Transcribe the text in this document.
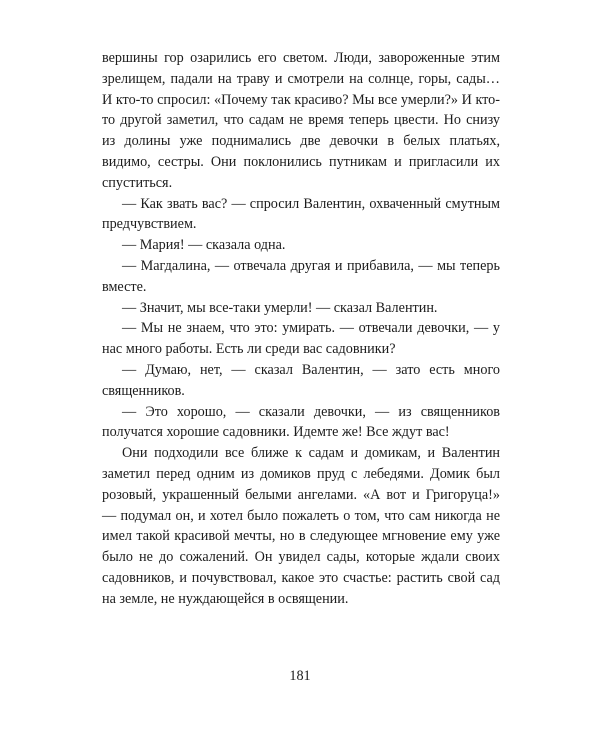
вершины гор озарились его светом. Люди, завороженные этим зрелищем, падали на траву и смотрели на солнце, горы, сады… И кто-то спросил: «Почему так красиво? Мы все умерли?» И кто-то другой заметил, что садам не время теперь цвести. Но снизу из долины уже поднимались две девочки в белых платьях, видимо, сестры. Они поклонились путникам и пригласили их спуститься.

— Как звать вас? — спросил Валентин, охваченный смутным предчувствием.

— Мария! — сказала одна.

— Магдалина, — отвечала другая и прибавила, — мы теперь вместе.

— Значит, мы все-таки умерли! — сказал Валентин.

— Мы не знаем, что это: умирать. — отвечали девочки, — у нас много работы. Есть ли среди вас садовники?

— Думаю, нет, — сказал Валентин, — зато есть много священников.

— Это хорошо, — сказали девочки, — из священников получатся хорошие садовники. Идемте же! Все ждут вас!

Они подходили все ближе к садам и домикам, и Валентин заметил перед одним из домиков пруд с лебедями. Домик был розовый, украшенный белыми ангелами. «А вот и Григоруца!» — подумал он, и хотел было пожалеть о том, что сам никогда не имел такой красивой мечты, но в следующее мгновение ему уже было не до сожалений. Он увидел сады, которые ждали своих садовников, и почувствовал, какое это счастье: растить свой сад на земле, не нуждающейся в освящении.

181
